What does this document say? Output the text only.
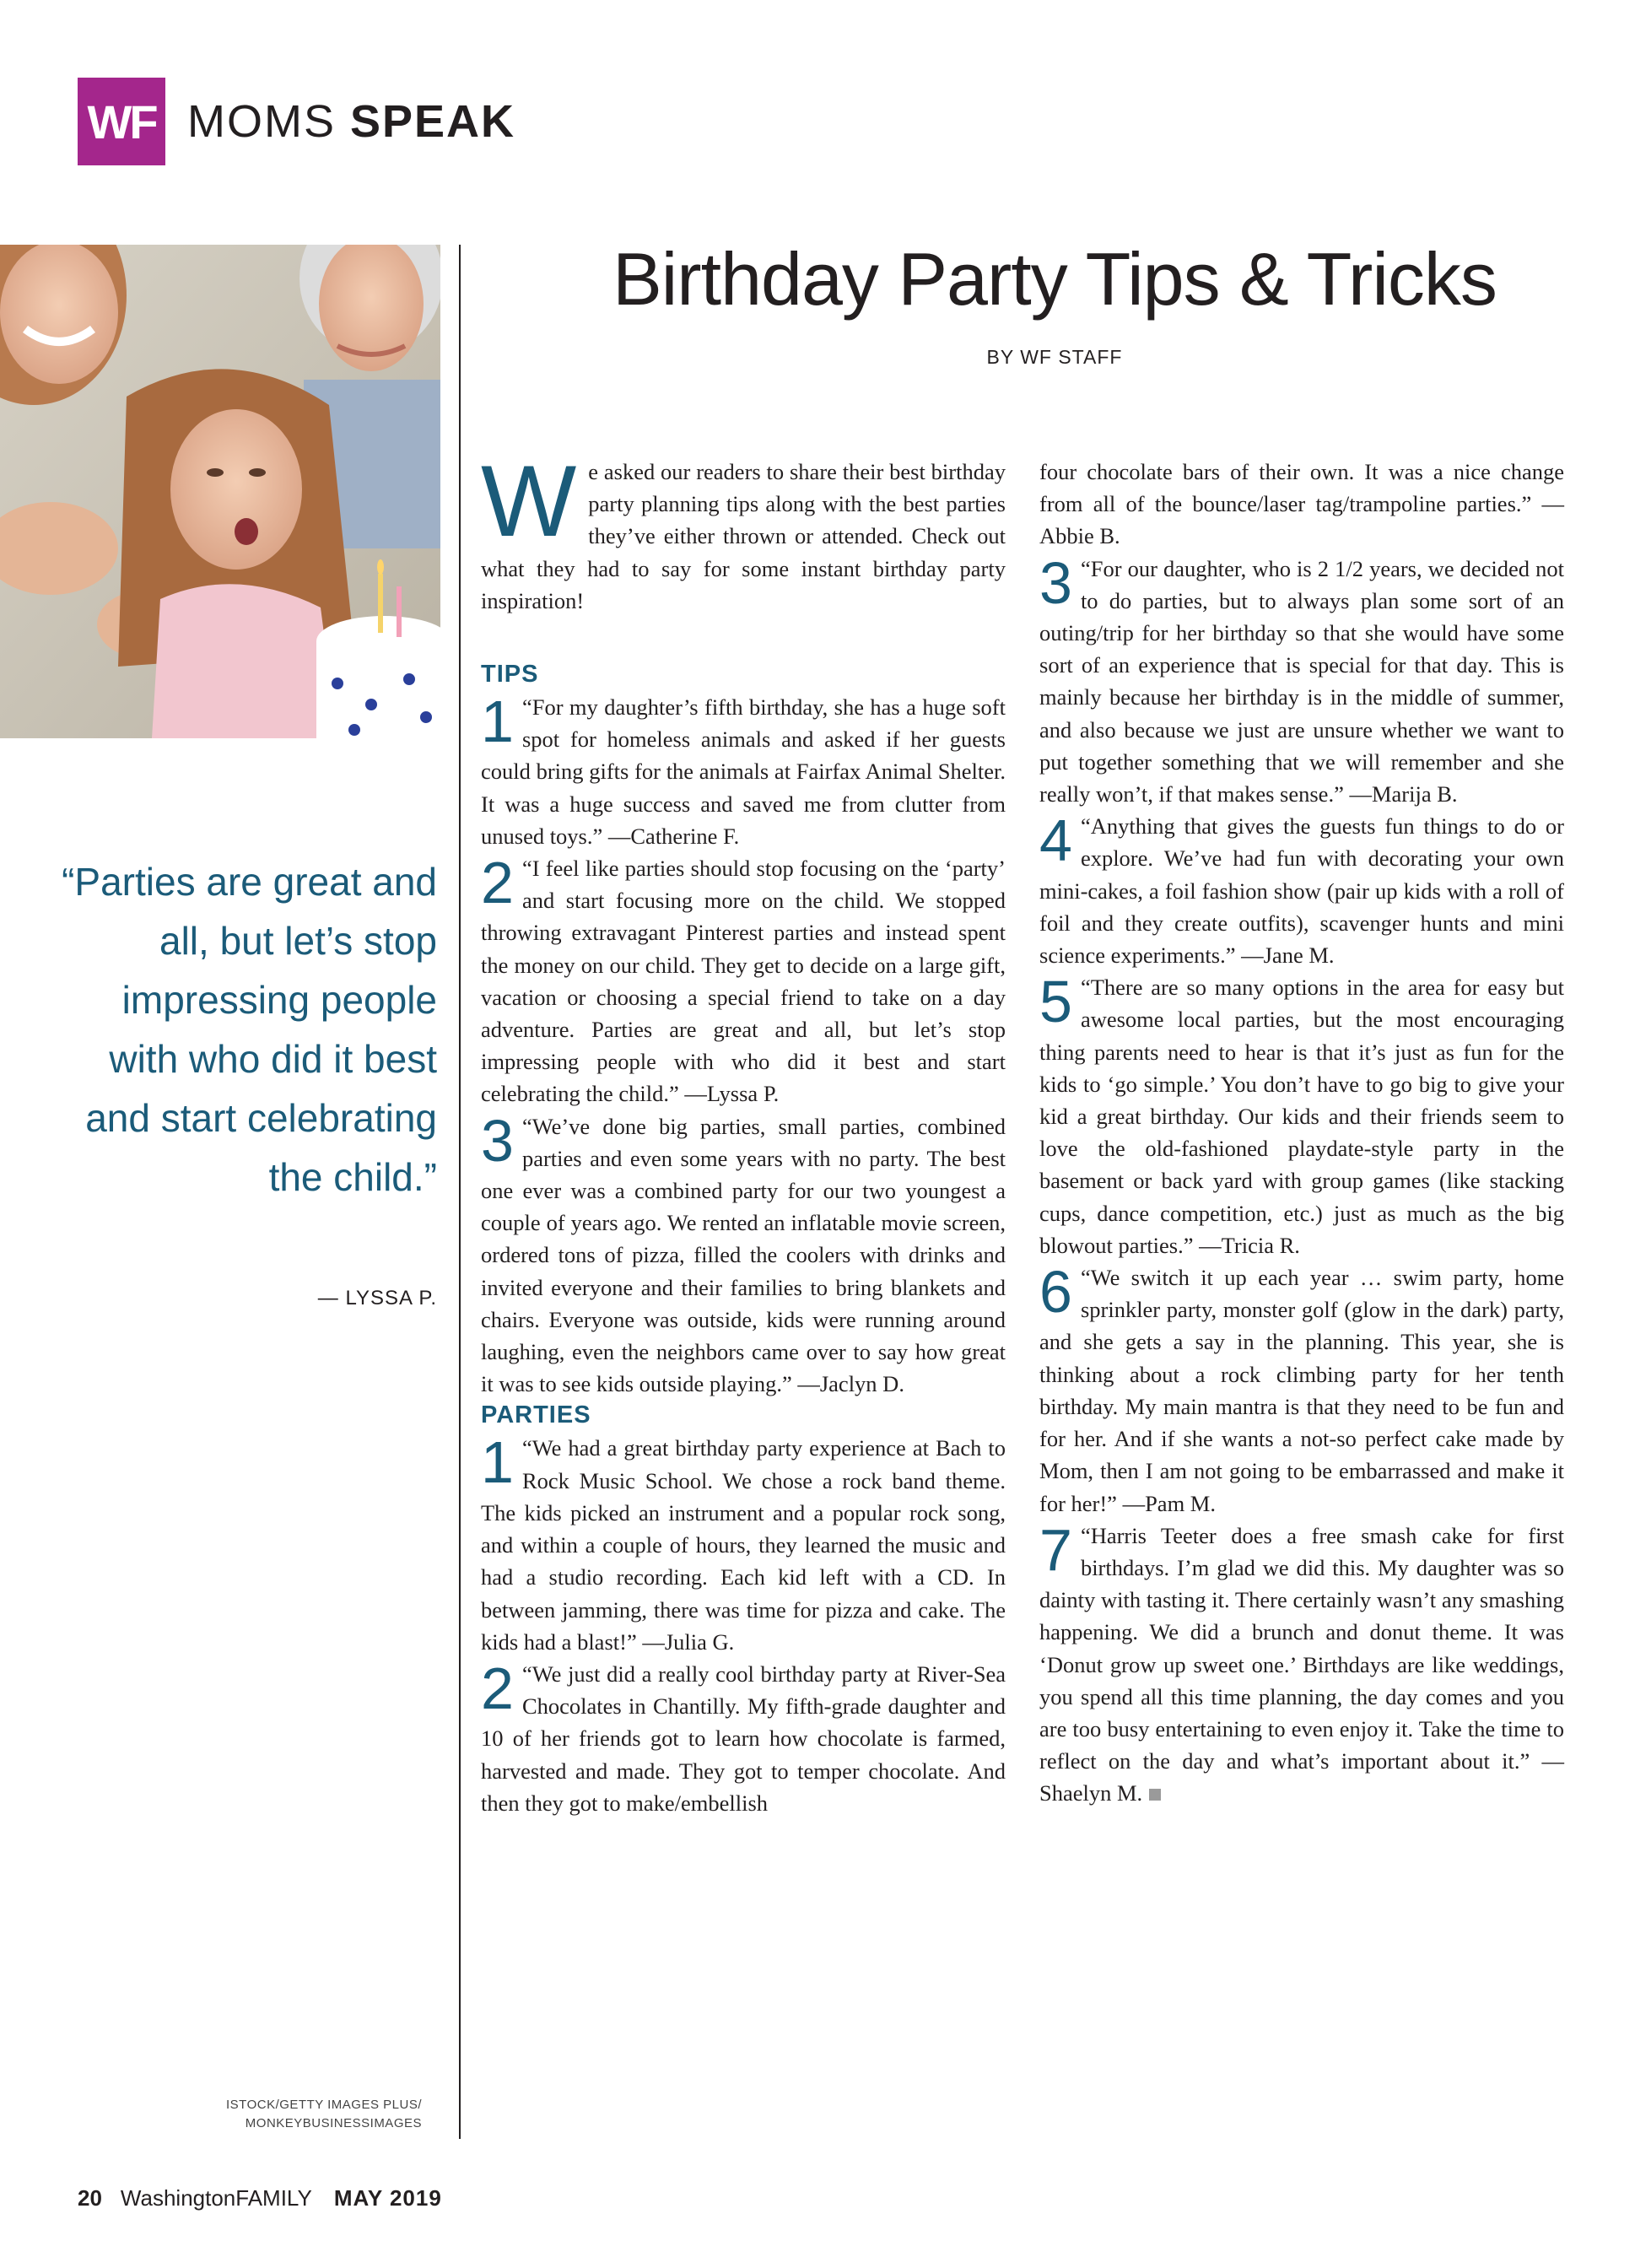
WF MOMS SPEAK
“Parties are great and all, but let’s stop impressing people with who did it best and start celebrating the child.”
— LYSSA P.
ISTOCK/GETTY IMAGES PLUS/
MONKEYBUSINESSIMAGES
Birthday Party Tips & Tricks
BY WF STAFF

We asked our readers to share their best birthday party planning tips along with the best parties they’ve either thrown or attended. Check out what they had to say for some instant birthday party inspiration!

TIPS

1 “For my daughter’s fifth birthday, she has a huge soft spot for homeless animals and asked if her guests could bring gifts for the animals at Fairfax Animal Shelter. It was a huge success and saved me from clutter from unused toys.” —Catherine F.

2 “I feel like parties should stop focusing on the ‘party’ and start focusing more on the child. We stopped throwing extravagant Pinterest parties and instead spent the money on our child. They get to decide on a large gift, vacation or choosing a special friend to take on a day adventure. Parties are great and all, but let’s stop impressing people with who did it best and start celebrating the child.” —Lyssa P.

3 “We’ve done big parties, small parties, combined parties and even some years with no party. The best one ever was a combined party for our two youngest a couple of years ago. We rented an inflatable movie screen, ordered tons of pizza, filled the coolers with drinks and invited everyone and their families to bring blankets and chairs. Everyone was outside, kids were running around laughing, even the neighbors came over to say how great it was to see kids outside playing.” —Jaclyn D.

PARTIES

1 “We had a great birthday party experience at Bach to Rock Music School. We chose a rock band theme. The kids picked an instrument and a popular rock song, and within a couple of hours, they learned the music and had a studio recording. Each kid left with a CD. In between jamming, there was time for pizza and cake. The kids had a blast!” —Julia G.

2 “We just did a really cool birthday party at River-Sea Chocolates in Chantilly. My fifth-grade daughter and 10 of her friends got to learn how chocolate is farmed, harvested and made. They got to temper chocolate. And then they got to make/embellish

four chocolate bars of their own. It was a nice change from all of the bounce/laser tag/trampoline parties.” —Abbie B.

3 “For our daughter, who is 2 1/2 years, we decided not to do parties, but to always plan some sort of an outing/trip for her birthday so that she would have some sort of an experience that is special for that day. This is mainly because her birthday is in the middle of summer, and also because we just are unsure whether we want to put together something that we will remember and she really won’t, if that makes sense.” —Marija B.

4 “Anything that gives the guests fun things to do or explore. We’ve had fun with decorating your own mini-cakes, a foil fashion show (pair up kids with a roll of foil and they create outfits), scavenger hunts and mini science experiments.” —Jane M.

5 “There are so many options in the area for easy but awesome local parties, but the most encouraging thing parents need to hear is that it’s just as fun for the kids to ‘go simple.’ You don’t have to go big to give your kid a great birthday. Our kids and their friends seem to love the old-fashioned playdate-style party in the basement or back yard with group games (like stacking cups, dance competition, etc.) just as much as the big blowout parties.” —Tricia R.

6 “We switch it up each year … swim party, home sprinkler party, monster golf (glow in the dark) party, and she gets a say in the planning. This year, she is thinking about a rock climbing party for her tenth birthday. My main mantra is that they need to be fun and for her. And if she wants a not-so perfect cake made by Mom, then I am not going to be embarrassed and make it for her!” —Pam M.

7 “Harris Teeter does a free smash cake for first birthdays. I’m glad we did this. My daughter was so dainty with tasting it. There certainly wasn’t any smashing happening. We did a brunch and donut theme. It was ‘Donut grow up sweet one.’ Birthdays are like weddings, you spend all this time planning, the day comes and you are too busy entertaining to even enjoy it. Take the time to reflect on the day and what’s important about it.” —Shaelyn M.

20 WashingtonFAMILY MAY 2019
